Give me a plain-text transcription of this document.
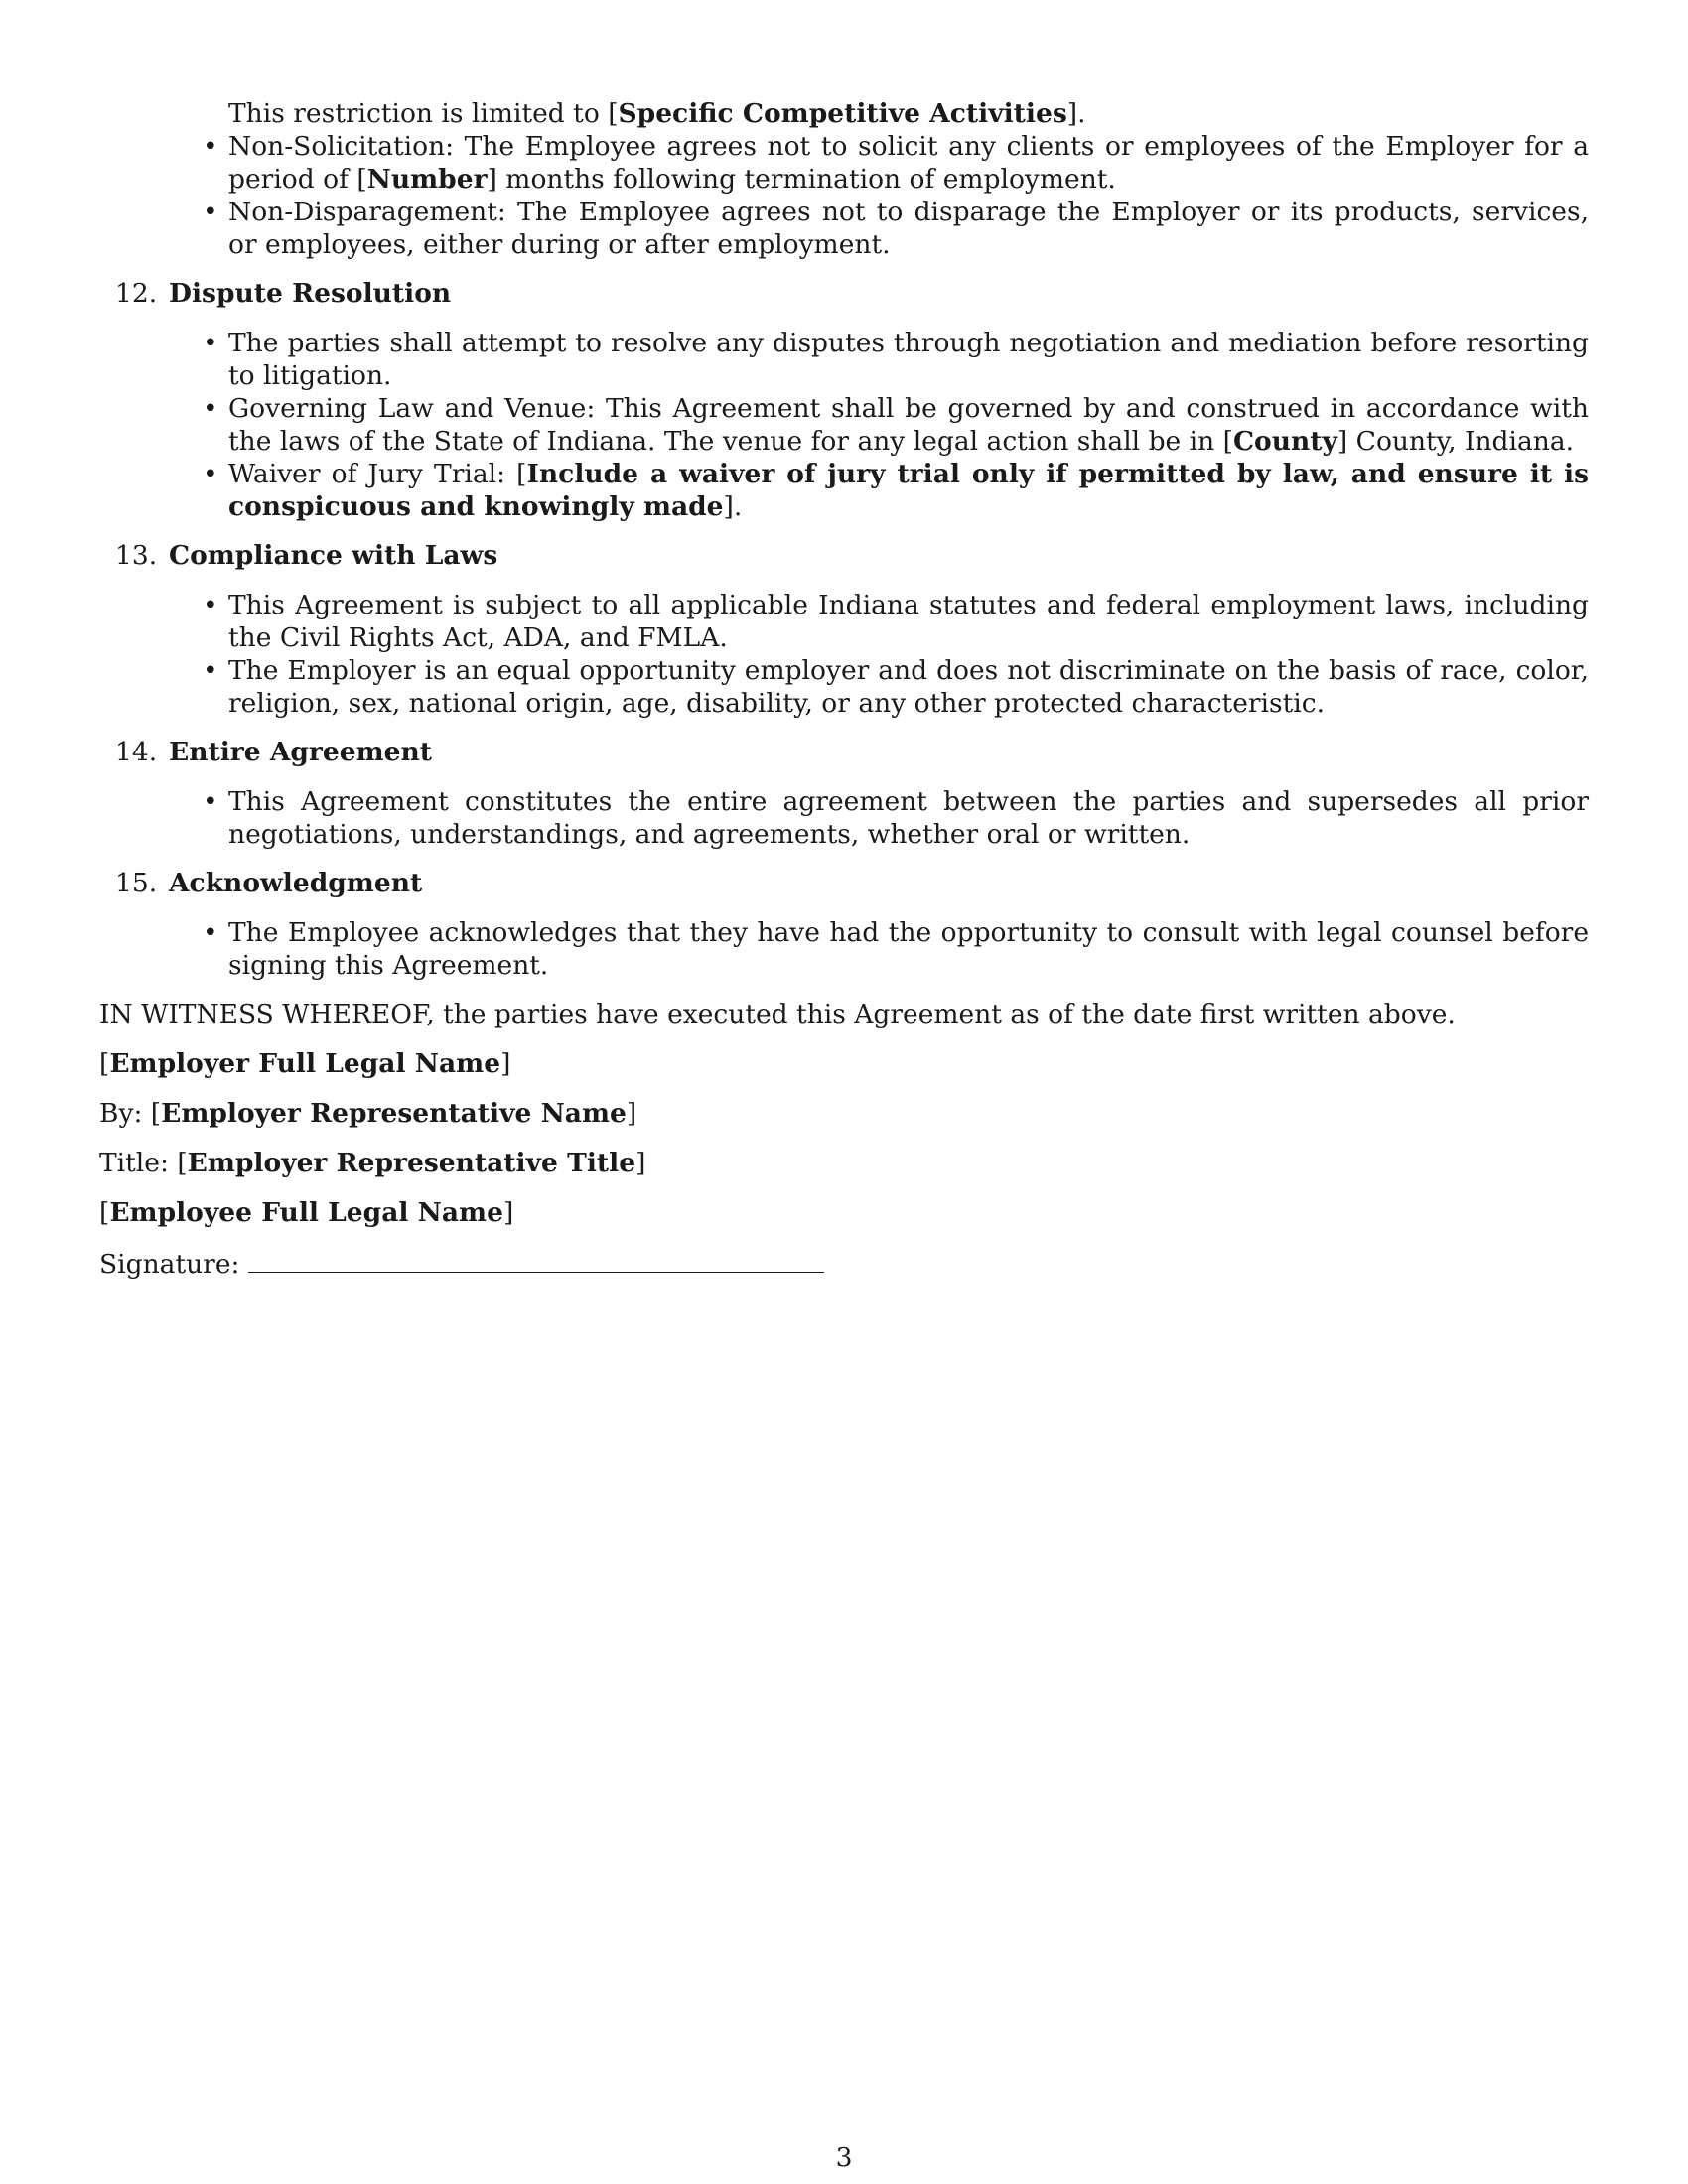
This restriction is limited to [Specific Competitive Activities].

• Non-Solicitation: The Employee agrees not to solicit any clients or employees of the Employer for a period of [Number] months following termination of employment.
• Non-Disparagement: The Employee agrees not to disparage the Employer or its products, services, or employees, either during or after employment.
12. Dispute Resolution
• The parties shall attempt to resolve any disputes through negotiation and mediation before resorting to litigation.
• Governing Law and Venue: This Agreement shall be governed by and construed in accordance with the laws of the State of Indiana. The venue for any legal action shall be in [County] County, Indiana.
• Waiver of Jury Trial: [Include a waiver of jury trial only if permitted by law, and ensure it is conspicuous and knowingly made].
13. Compliance with Laws
• This Agreement is subject to all applicable Indiana statutes and federal employment laws, including the Civil Rights Act, ADA, and FMLA.
• The Employer is an equal opportunity employer and does not discriminate on the basis of race, color, religion, sex, national origin, age, disability, or any other protected characteristic.
14. Entire Agreement
• This Agreement constitutes the entire agreement between the parties and supersedes all prior negotiations, understandings, and agreements, whether oral or written.
15. Acknowledgment
• The Employee acknowledges that they have had the opportunity to consult with legal counsel before signing this Agreement.

IN WITNESS WHEREOF, the parties have executed this Agreement as of the date first written above.

[Employer Full Legal Name]

By: [Employer Representative Name]

Title: [Employer Representative Title]

[Employee Full Legal Name]

Signature:

3
